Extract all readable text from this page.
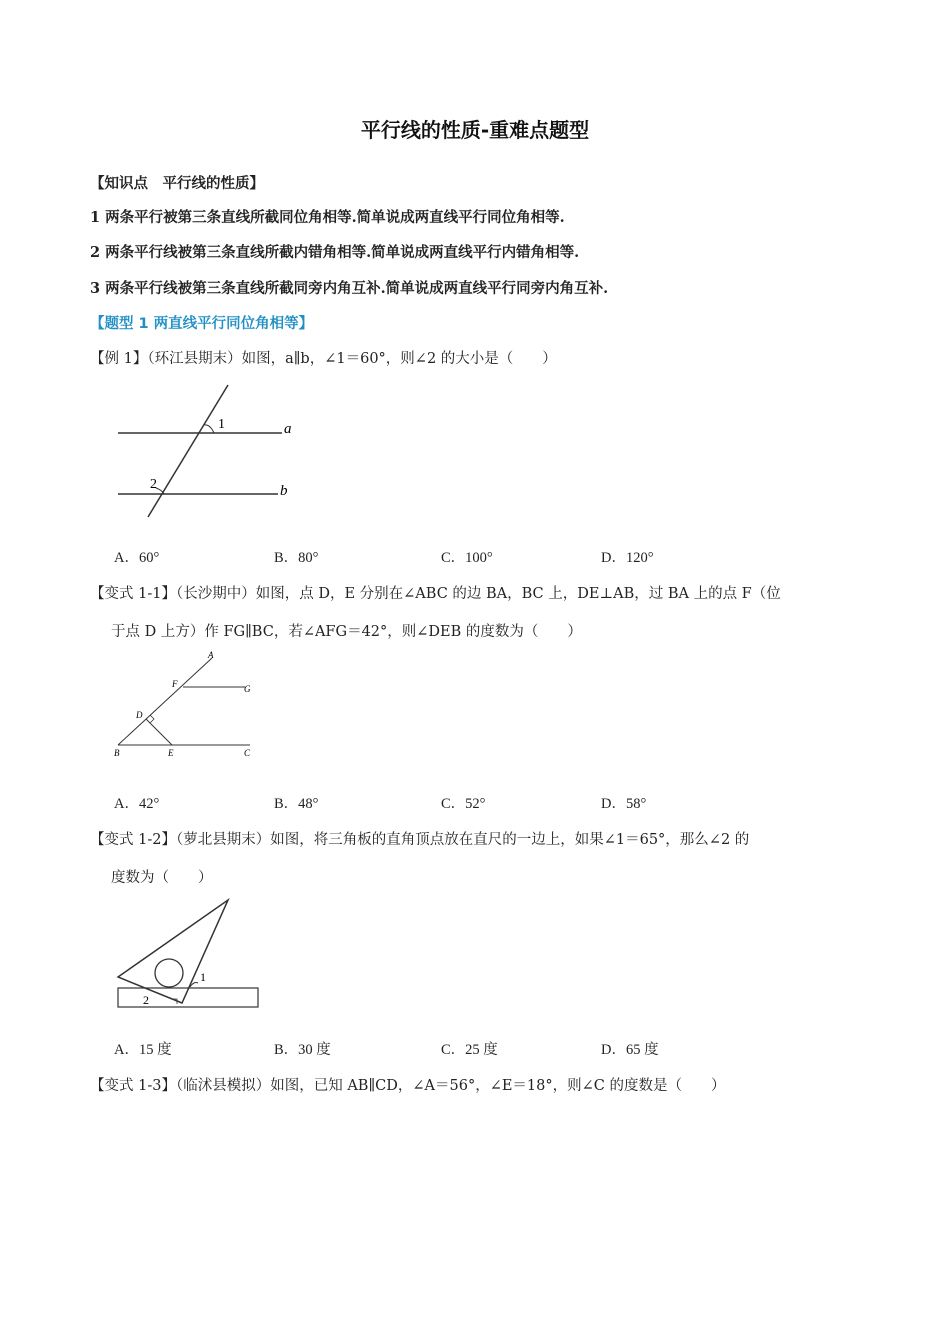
平行线的性质-重难点题型
【知识点　平行线的性质】
1 两条平行被第三条直线所截同位角相等.简单说成两直线平行同位角相等.
2 两条平行线被第三条直线所截内错角相等.简单说成两直线平行内错角相等.
3 两条平行线被第三条直线所截同旁内角互补.简单说成两直线平行同旁内角互补.
【题型 1 两直线平行同位角相等】
【例 1】（环江县期末）如图，a∥b，∠1＝60°，则∠2 的大小是（　　）
1
2
a
b
A．60°	B．80°	C．100°	D．120°
【变式 1-1】（长沙期中）如图，点 D，E 分别在∠ABC 的边 BA，BC 上，DE⊥AB，过 BA 上的点 F（位
于点 D 上方）作 FG∥BC，若∠AFG＝42°，则∠DEB 的度数为（　　）
A
F	G
D
B	E	C
A．42°	B．48°	C．52°	D．58°
【变式 1-2】（萝北县期末）如图，将三角板的直角顶点放在直尺的一边上，如果∠1＝65°，那么∠2 的
度数为（　　）
1
2
A．15 度	B．30 度	C．25 度	D．65 度
【变式 1-3】（临沭县模拟）如图，已知 AB∥CD，∠A＝56°，∠E＝18°，则∠C 的度数是（　　）
